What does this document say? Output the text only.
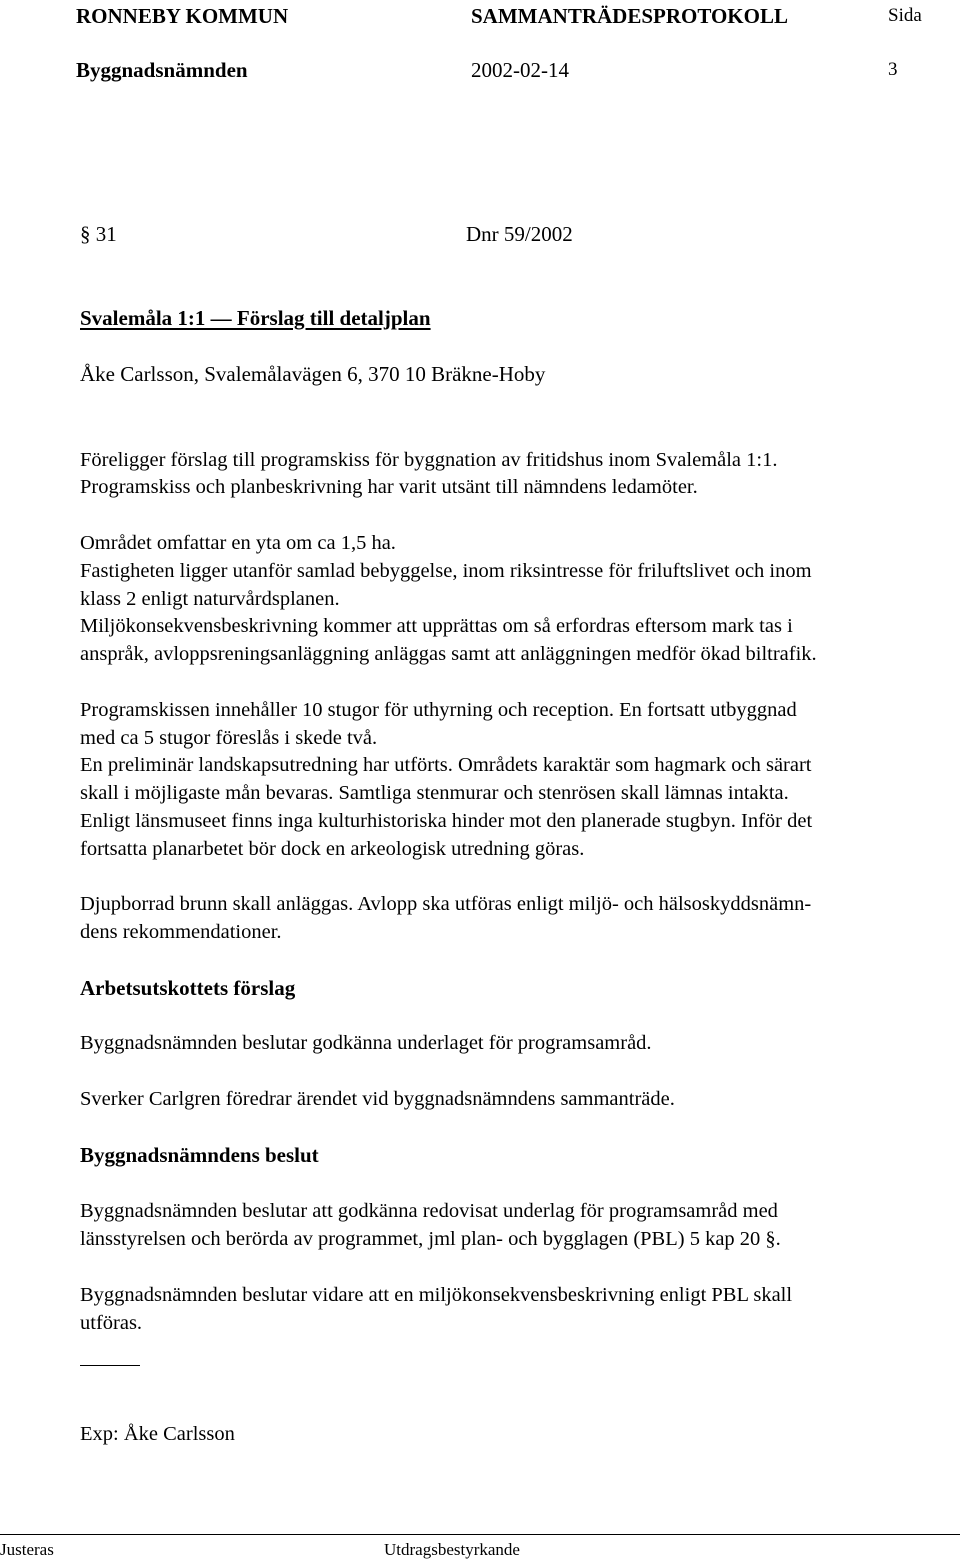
RONNEBY KOMMUN	SAMMANTRÄDESPROTOKOLL	Sida
Byggnadsnämnden	2002-02-14	3
§ 31	Dnr 59/2002
Svalemåla 1:1 — Förslag till detaljplan
Åke Carlsson, Svalemålavägen 6, 370 10 Bräkne-Hoby
Föreligger förslag till programskiss för byggnation av fritidshus inom Svalemåla 1:1.
Programskiss och planbeskrivning har varit utsänt till nämndens ledamöter.
Området omfattar en yta om ca 1,5 ha.
Fastigheten ligger utanför samlad bebyggelse, inom riksintresse för friluftslivet och inom
klass 2 enligt naturvårdsplanen.
Miljökonsekvensbeskrivning kommer att upprättas om så erfordras eftersom mark tas i
anspråk, avloppsreningsanläggning anläggas samt att anläggningen medför ökad biltrafik.
Programskissen innehåller 10 stugor för uthyrning och reception. En fortsatt utbyggnad
med ca 5 stugor föreslås i skede två.
En preliminär landskapsutredning har utförts. Områdets karaktär som hagmark och särart
skall i möjligaste mån bevaras. Samtliga stenmurar och stenrösen skall lämnas intakta.
Enligt länsmuseet finns inga kulturhistoriska hinder mot den planerade stugbyn. Inför det
fortsatta planarbetet bör dock en arkeologisk utredning göras.
Djupborrad brunn skall anläggas. Avlopp ska utföras enligt miljö- och hälsoskyddsnämn-
dens rekommendationer.
Arbetsutskottets förslag
Byggnadsnämnden beslutar godkänna underlaget för programsamråd.
Sverker Carlgren föredrar ärendet vid byggnadsnämndens sammanträde.
Byggnadsnämndens beslut
Byggnadsnämnden beslutar att godkänna redovisat underlag för programsamråd med
länsstyrelsen och berörda av programmet, jml plan- och bygglagen (PBL) 5 kap 20 §.
Byggnadsnämnden beslutar vidare att en miljökonsekvensbeskrivning enligt PBL skall
utföras.
Exp: Åke Carlsson
Justeras	Utdragsbestyrkande
